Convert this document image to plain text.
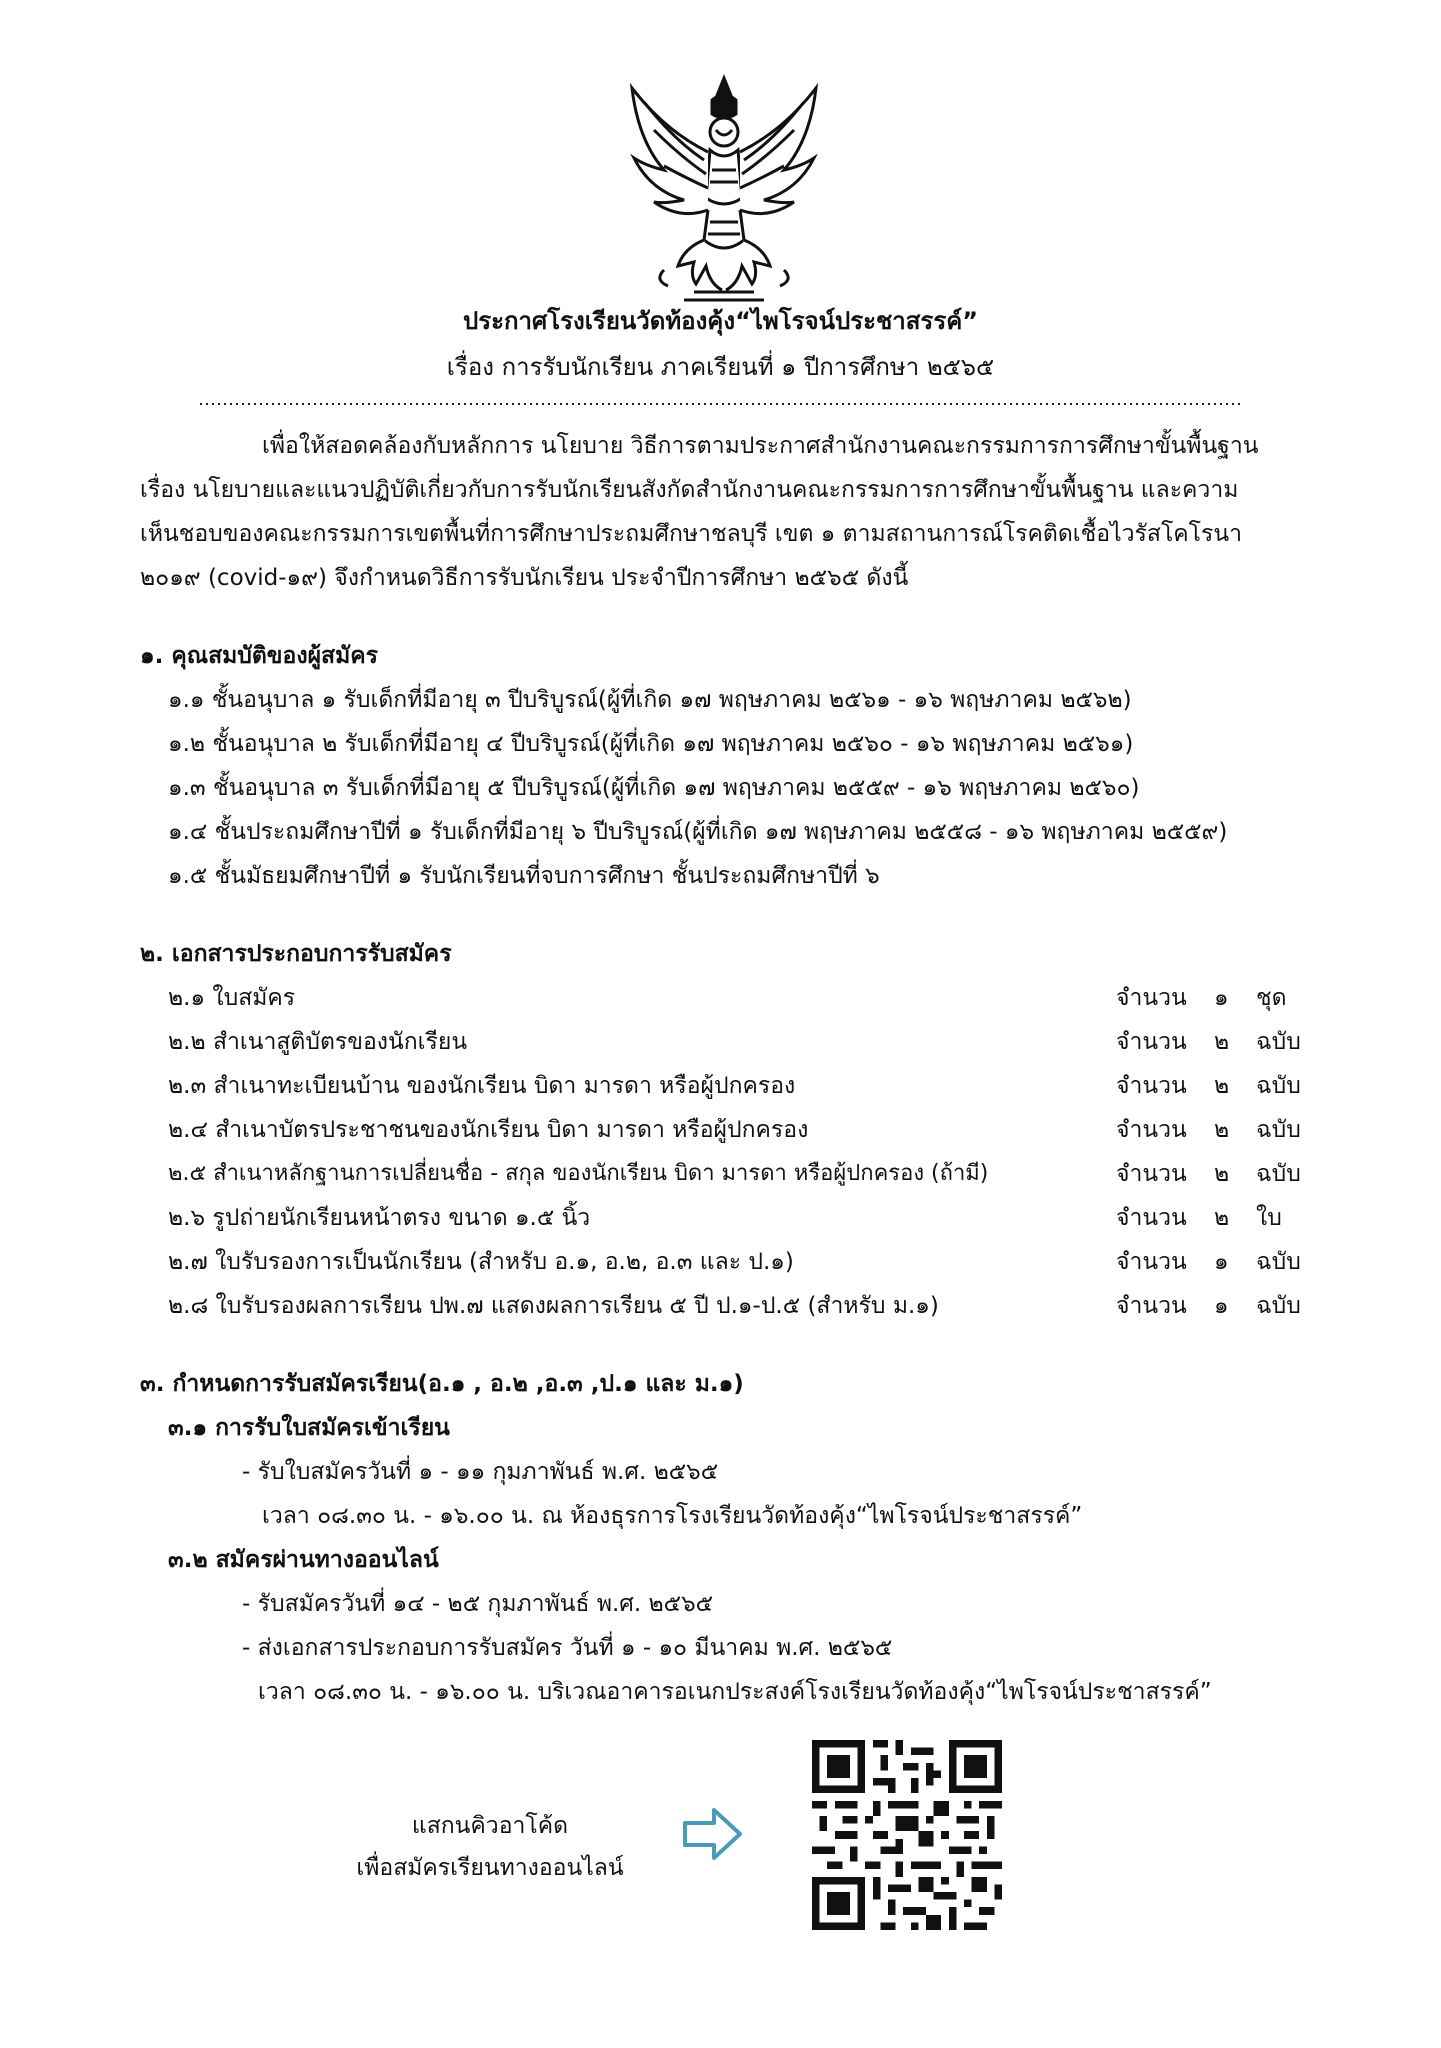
ประกาศโรงเรียนวัดท้องคุ้ง“ไพโรจน์ประชาสรรค์”
เรื่อง การรับนักเรียน ภาคเรียนที่ ๑ ปีการศึกษา ๒๕๖๕
เพื่อให้สอดคล้องกับหลักการ นโยบาย วิธีการตามประกาศสำนักงานคณะกรรมการการศึกษาขั้นพื้นฐาน
เรื่อง นโยบายและแนวปฏิบัติเกี่ยวกับการรับนักเรียนสังกัดสำนักงานคณะกรรมการการศึกษาขั้นพื้นฐาน และความ
เห็นชอบของคณะกรรมการเขตพื้นที่การศึกษาประถมศึกษาชลบุรี เขต ๑ ตามสถานการณ์โรคติดเชื้อไวรัสโคโรนา
๒๐๑๙ (covid-๑๙) จึงกำหนดวิธีการรับนักเรียน ประจำปีการศึกษา ๒๕๖๕ ดังนี้
๑. คุณสมบัติของผู้สมัคร
๑.๑ ชั้นอนุบาล ๑ รับเด็กที่มีอายุ ๓ ปีบริบูรณ์(ผู้ที่เกิด ๑๗ พฤษภาคม ๒๕๖๑ - ๑๖ พฤษภาคม ๒๕๖๒)
๑.๒ ชั้นอนุบาล ๒ รับเด็กที่มีอายุ ๔ ปีบริบูรณ์(ผู้ที่เกิด ๑๗ พฤษภาคม ๒๕๖๐ - ๑๖ พฤษภาคม ๒๕๖๑)
๑.๓ ชั้นอนุบาล ๓ รับเด็กที่มีอายุ ๕ ปีบริบูรณ์(ผู้ที่เกิด ๑๗ พฤษภาคม ๒๕๕๙ - ๑๖ พฤษภาคม ๒๕๖๐)
๑.๔ ชั้นประถมศึกษาปีที่ ๑ รับเด็กที่มีอายุ ๖ ปีบริบูรณ์(ผู้ที่เกิด ๑๗ พฤษภาคม ๒๕๕๘ - ๑๖ พฤษภาคม ๒๕๕๙)
๑.๕ ชั้นมัธยมศึกษาปีที่ ๑ รับนักเรียนที่จบการศึกษา ชั้นประถมศึกษาปีที่ ๖
๒. เอกสารประกอบการรับสมัคร
๒.๑ ใบสมัคร	จำนวน ๑ ชุด
๒.๒ สำเนาสูติบัตรของนักเรียน	จำนวน ๒ ฉบับ
๒.๓ สำเนาทะเบียนบ้าน ของนักเรียน บิดา มารดา หรือผู้ปกครอง	จำนวน ๒ ฉบับ
๒.๔ สำเนาบัตรประชาชนของนักเรียน บิดา มารดา หรือผู้ปกครอง	จำนวน ๒ ฉบับ
๒.๕ สำเนาหลักฐานการเปลี่ยนชื่อ - สกุล ของนักเรียน บิดา มารดา หรือผู้ปกครอง (ถ้ามี)	จำนวน ๒ ฉบับ
๒.๖ รูปถ่ายนักเรียนหน้าตรง ขนาด ๑.๕ นิ้ว	จำนวน ๒ ใบ
๒.๗ ใบรับรองการเป็นนักเรียน (สำหรับ อ.๑, อ.๒, อ.๓ และ ป.๑)	จำนวน ๑ ฉบับ
๒.๘ ใบรับรองผลการเรียน ปพ.๗ แสดงผลการเรียน ๕ ปี ป.๑-ป.๕ (สำหรับ ม.๑)	จำนวน ๑ ฉบับ
๓. กำหนดการรับสมัครเรียน(อ.๑ , อ.๒ ,อ.๓ ,ป.๑ และ ม.๑)
๓.๑ การรับใบสมัครเข้าเรียน
- รับใบสมัครวันที่ ๑ - ๑๑ กุมภาพันธ์ พ.ศ. ๒๕๖๕
เวลา ๐๘.๓๐ น. - ๑๖.๐๐ น. ณ ห้องธุรการโรงเรียนวัดท้องคุ้ง“ไพโรจน์ประชาสรรค์”
๓.๒ สมัครผ่านทางออนไลน์
- รับสมัครวันที่ ๑๔ - ๒๕ กุมภาพันธ์ พ.ศ. ๒๕๖๕
- ส่งเอกสารประกอบการรับสมัคร วันที่ ๑ - ๑๐ มีนาคม พ.ศ. ๒๕๖๕
เวลา ๐๘.๓๐ น. - ๑๖.๐๐ น. บริเวณอาคารอเนกประสงค์โรงเรียนวัดท้องคุ้ง“ไพโรจน์ประชาสรรค์”
แสกนคิวอาโค้ด
เพื่อสมัครเรียนทางออนไลน์
